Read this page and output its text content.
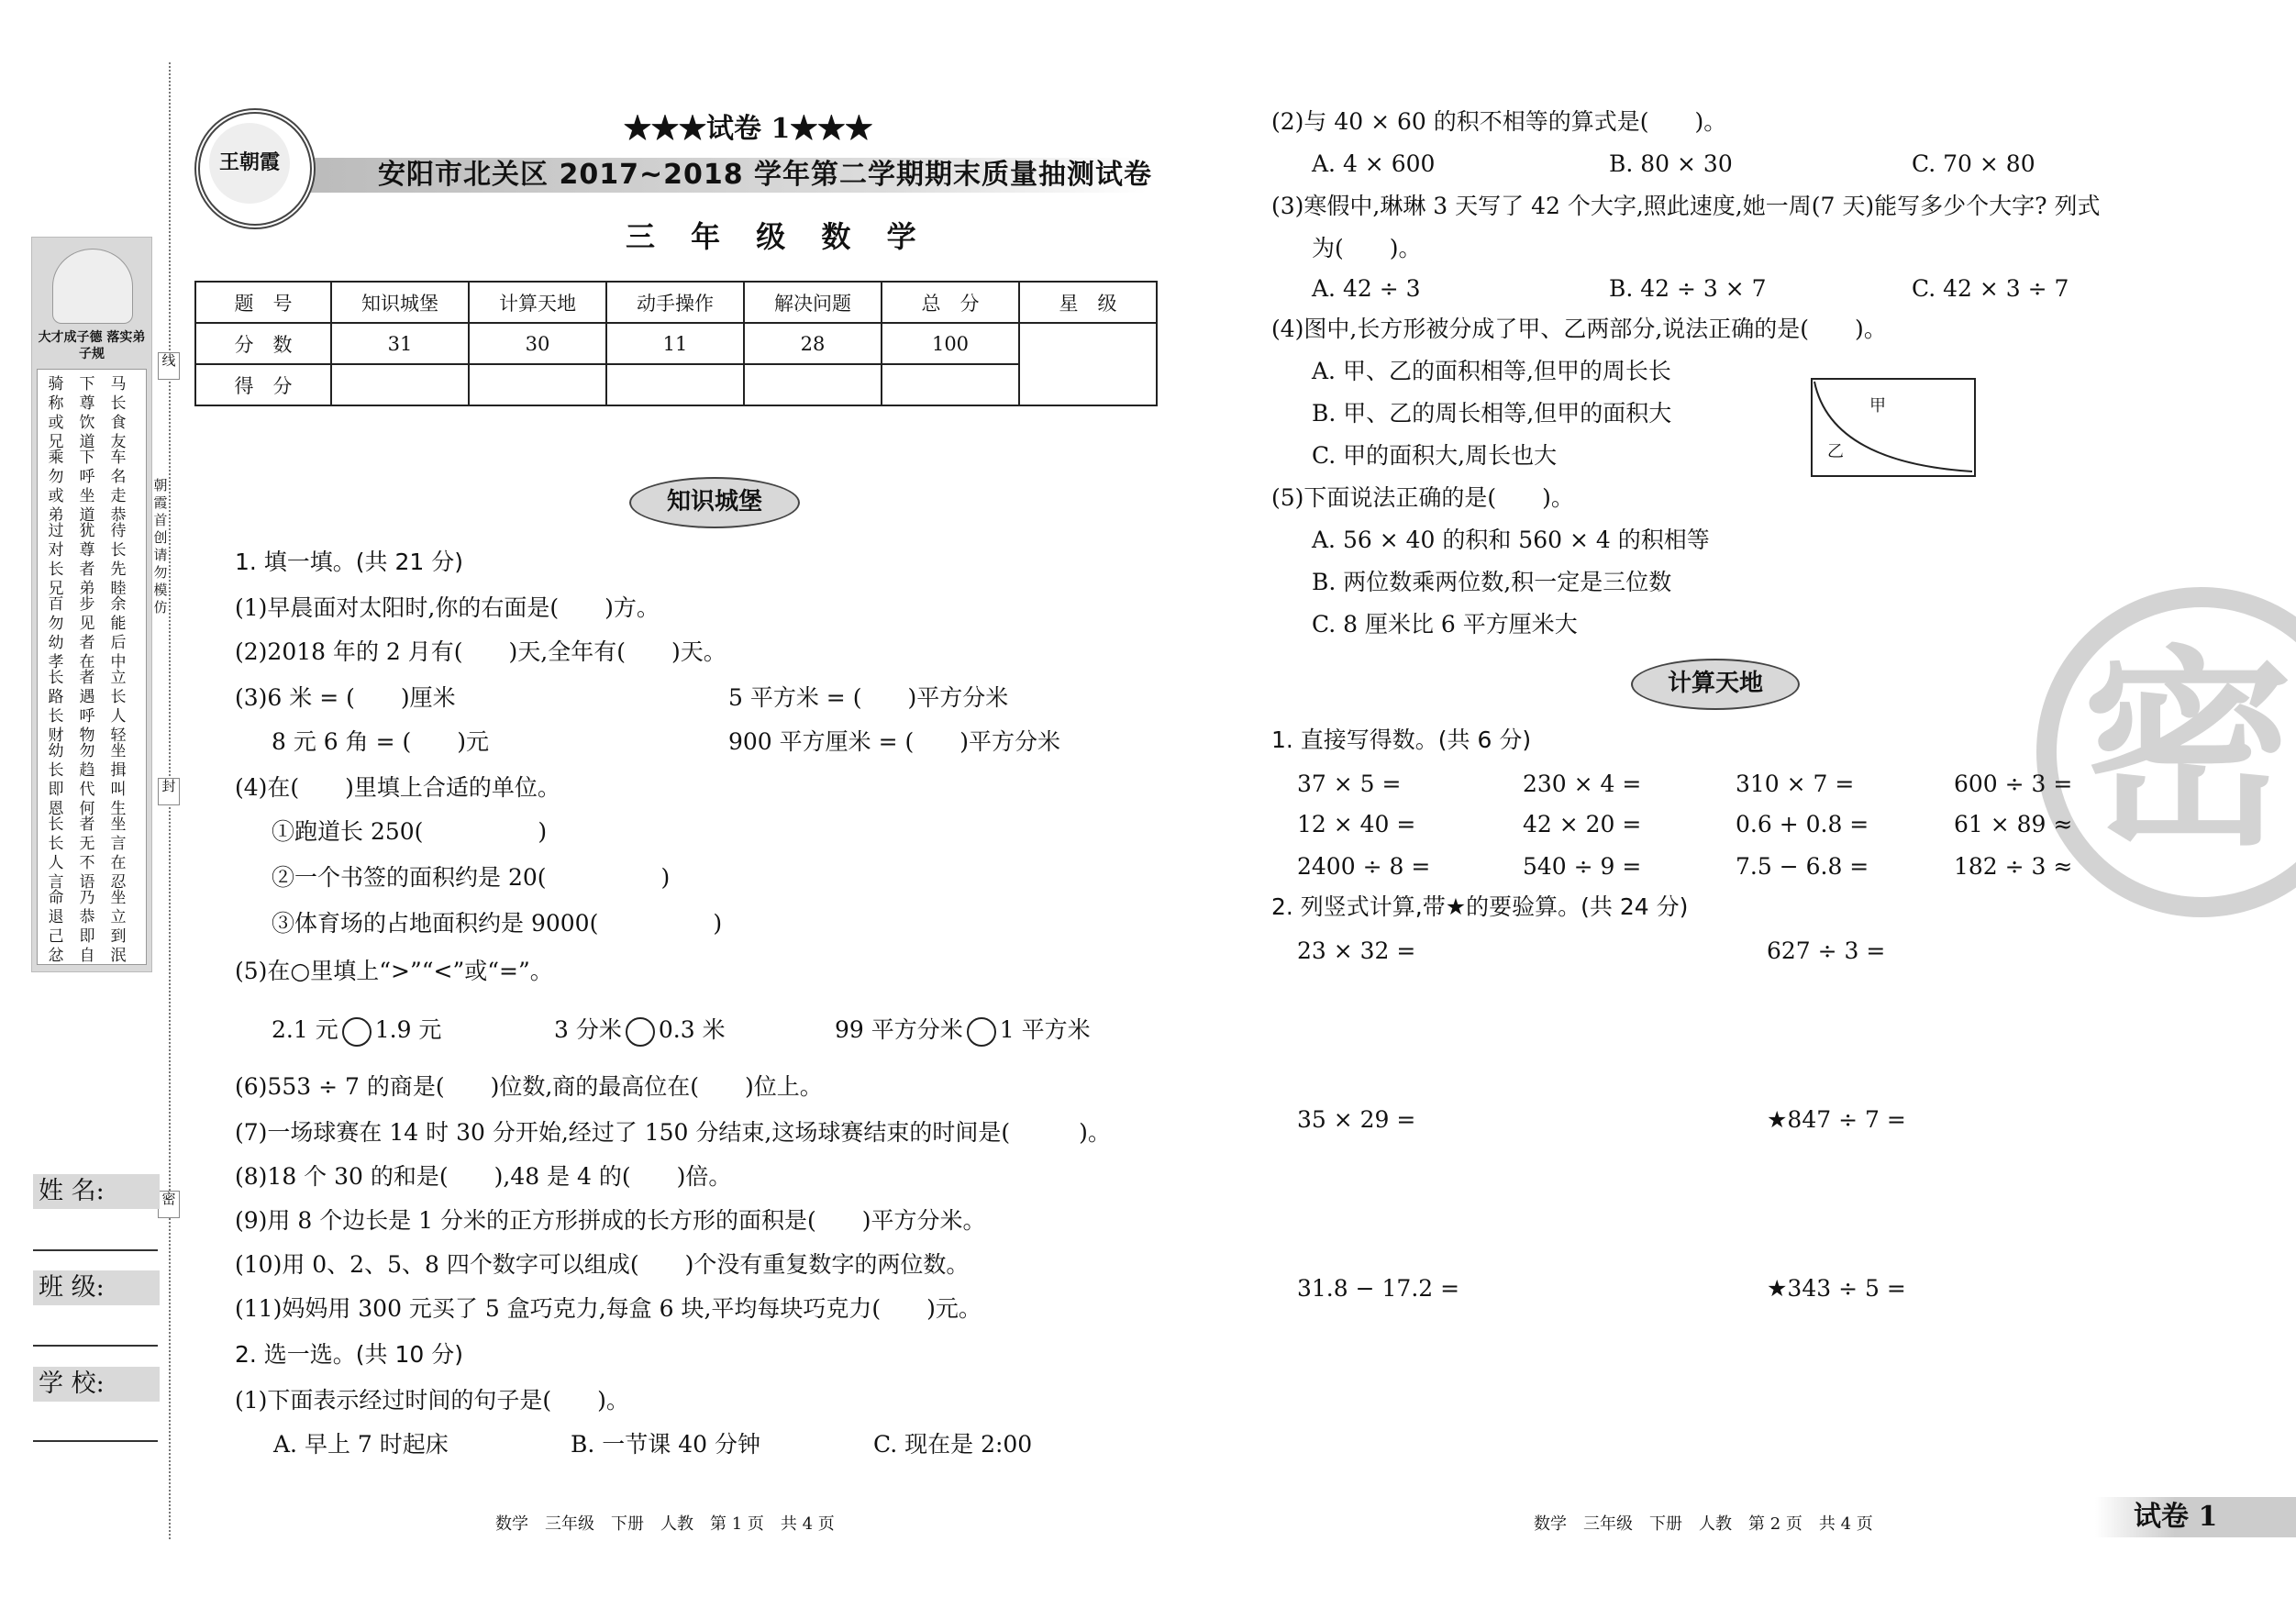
大才成子德 落实弟子规
骑称或兄
下尊饮道
马长食友
乘勿或弟
下呼坐道
车名走恭
过对长兄
犹尊者弟
待长先睦
百勿幼孝
步见者在
余能后中
长路长财
者遇呼物
立长人轻
幼长即恩
勿趋代何
坐揖叫生
长长人言
者无不语
坐言在忍
命退己忿
乃恭即自
坐立到泯
线
朝霞首创 请勿模仿
封
密
姓 名:
班 级:
学 校:
王朝霞
★★★试卷 1★★★
安阳市北关区 2017~2018 学年第二学期期末质量抽测试卷
三 年 级 数 学
题　号	知识城堡	计算天地	动手操作	解决问题	总　分	星　级
分　数	31	30	11	28	100	
得　分						
知识城堡
1. 填一填。(共 21 分)
(1)早晨面对太阳时,你的右面是(　　)方。
(2)2018 年的 2 月有(　　)天,全年有(　　)天。
(3)6 米 = (　　)厘米	5 平方米 = (　　)平方分米
8 元 6 角 = (　　)元	900 平方厘米 = (　　)平方分米
(4)在(　　)里填上合适的单位。
①跑道长 250(　　　　　)
②一个书签的面积约是 20(　　　　　)
③体育场的占地面积约是 9000(　　　　　)
(5)在○里填上“>”“<”或“=”。
2.1 元 1.9 元	3 分米 0.3 米	99 平方分米 1 平方米
(6)553 ÷ 7 的商是(　　)位数,商的最高位在(　　)位上。
(7)一场球赛在 14 时 30 分开始,经过了 150 分结束,这场球赛结束的时间是(　　　)。
(8)18 个 30 的和是(　　),48 是 4 的(　　)倍。
(9)用 8 个边长是 1 分米的正方形拼成的长方形的面积是(　　)平方分米。
(10)用 0、2、5、8 四个数字可以组成(　　)个没有重复数字的两位数。
(11)妈妈用 300 元买了 5 盒巧克力,每盒 6 块,平均每块巧克力(　　)元。
2. 选一选。(共 10 分)
(1)下面表示经过时间的句子是(　　)。
A. 早上 7 时起床	B. 一节课 40 分钟	C. 现在是 2:00
数学　三年级　下册　人教　第 1 页　共 4 页
密
(2)与 40 × 60 的积不相等的算式是(　　)。
A. 4 × 600	B. 80 × 30	C. 70 × 80
(3)寒假中,琳琳 3 天写了 42 个大字,照此速度,她一周(7 天)能写多少个大字? 列式
为(　　)。
A. 42 ÷ 3	B. 42 ÷ 3 × 7	C. 42 × 3 ÷ 7
(4)图中,长方形被分成了甲、乙两部分,说法正确的是(　　)。
A. 甲、乙的面积相等,但甲的周长长
B. 甲、乙的周长相等,但甲的面积大
C. 甲的面积大,周长也大
甲
乙
(5)下面说法正确的是(　　)。
A. 56 × 40 的积和 560 × 4 的积相等
B. 两位数乘两位数,积一定是三位数
C. 8 厘米比 6 平方厘米大
计算天地
1. 直接写得数。(共 6 分)
37 × 5 =	230 × 4 =	310 × 7 =	600 ÷ 3 =
12 × 40 =	42 × 20 =	0.6 + 0.8 =	61 × 89 ≈
2400 ÷ 8 =	540 ÷ 9 =	7.5 − 6.8 =	182 ÷ 3 ≈
2. 列竖式计算,带★的要验算。(共 24 分)
23 × 32 =	627 ÷ 3 =
35 × 29 =	★847 ÷ 7 =
31.8 − 17.2 =	★343 ÷ 5 =
数学　三年级　下册　人教　第 2 页　共 4 页	试卷 1
